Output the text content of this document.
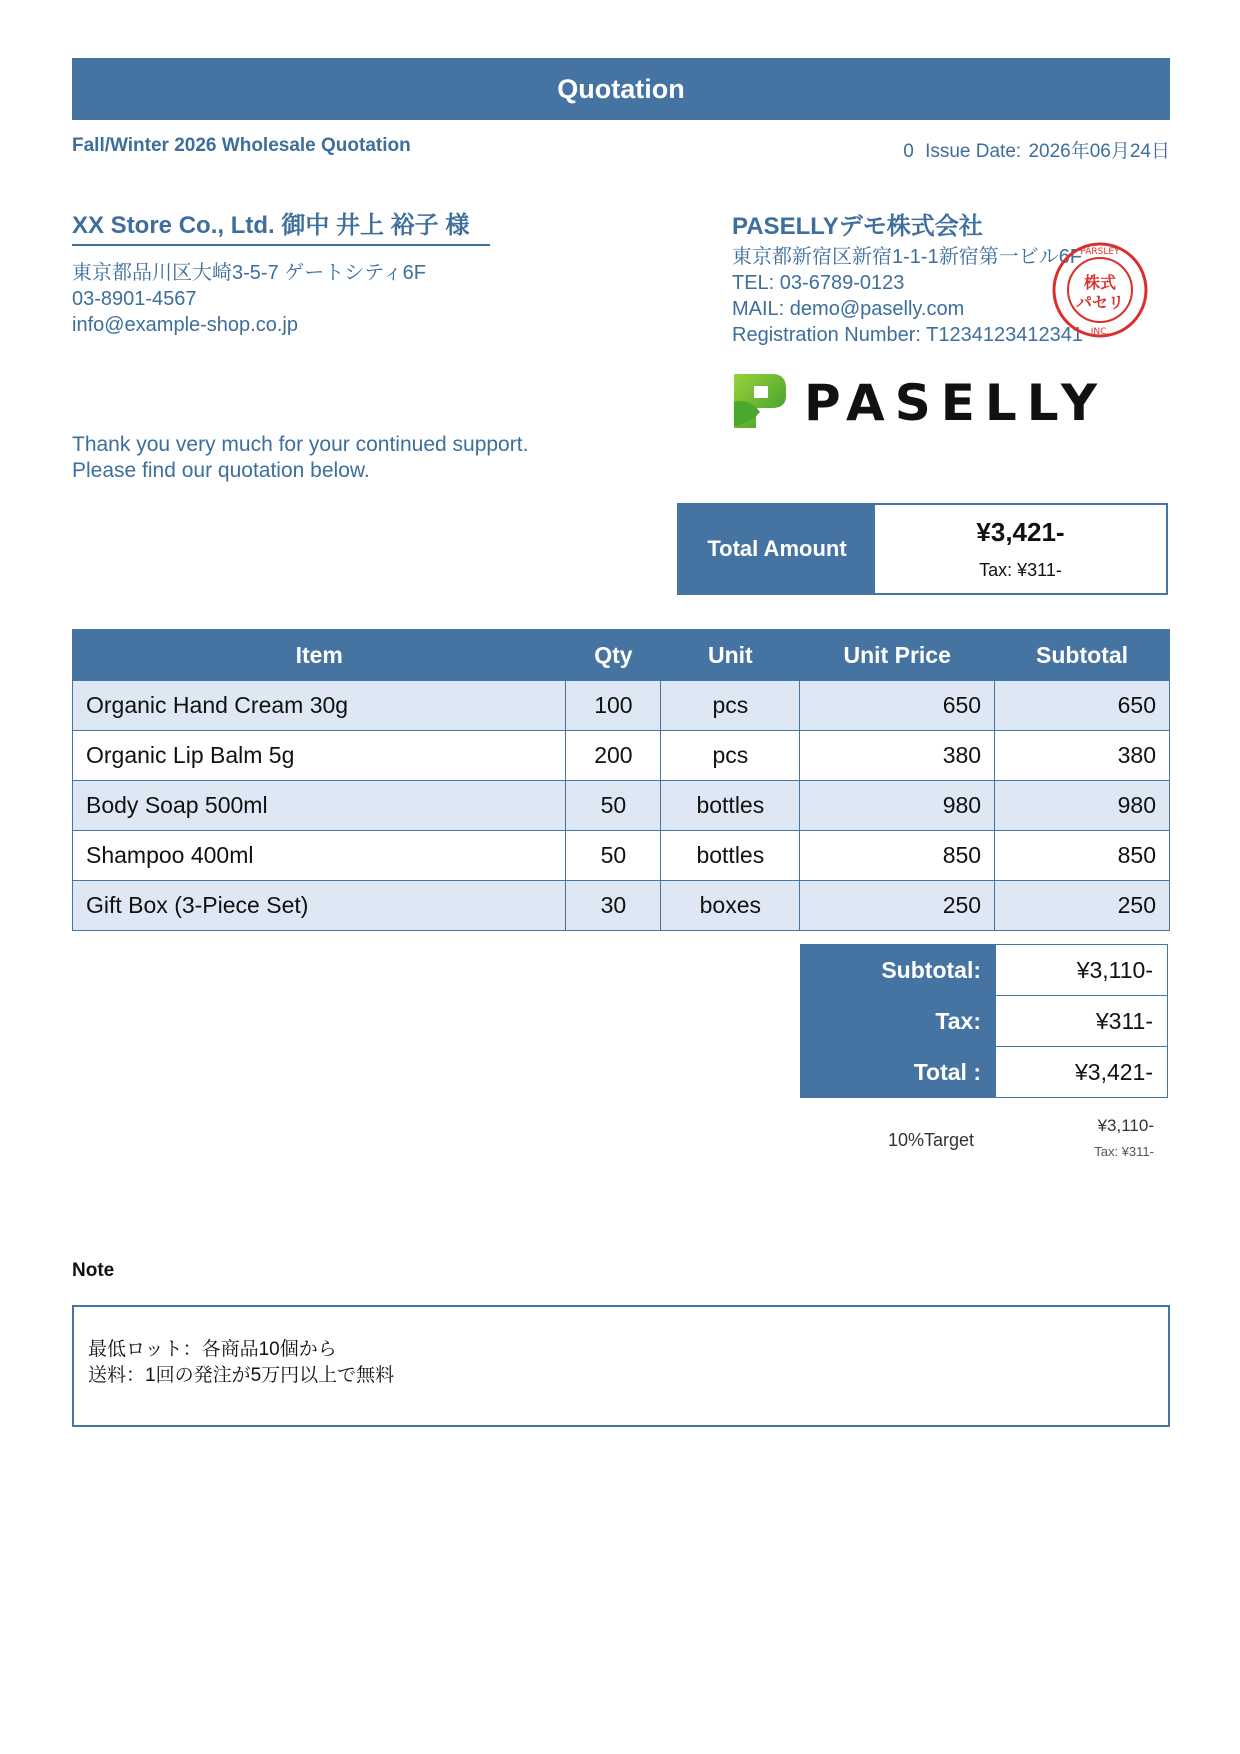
Quotation
Fall/Winter 2026 Wholesale Quotation	0 Issue Date: 2026年06月24日
XX Store Co., Ltd. 御中 井上 裕子 様
東京都品川区大崎3-5-7 ゲートシティ6F
03-8901-4567
info@example-shop.co.jp
Thank you very much for your continued support.
Please find our quotation below.
PASELLYデモ株式会社
東京都新宿区新宿1-1-1新宿第一ビル6F
TEL: 03-6789-0123
MAIL: demo@paselly.com
Registration Number: T1234123412341
株式
パセリ
PARSLEY
INC.
PASELLY
Total Amount
¥3,421-
Tax: ¥311-
Item	Qty	Unit	Unit Price	Subtotal
Organic Hand Cream 30g	100	pcs	650	650
Organic Lip Balm 5g	200	pcs	380	380
Body Soap 500ml	50	bottles	980	980
Shampoo 400ml	50	bottles	850	850
Gift Box (3-Piece Set)	30	boxes	250	250
Subtotal:	¥3,110-
Tax:	¥311-
Total :	¥3,421-
10%Target
¥3,110-
Tax: ¥311-
Note
最低ロット：各商品10個から
送料：1回の発注が5万円以上で無料
